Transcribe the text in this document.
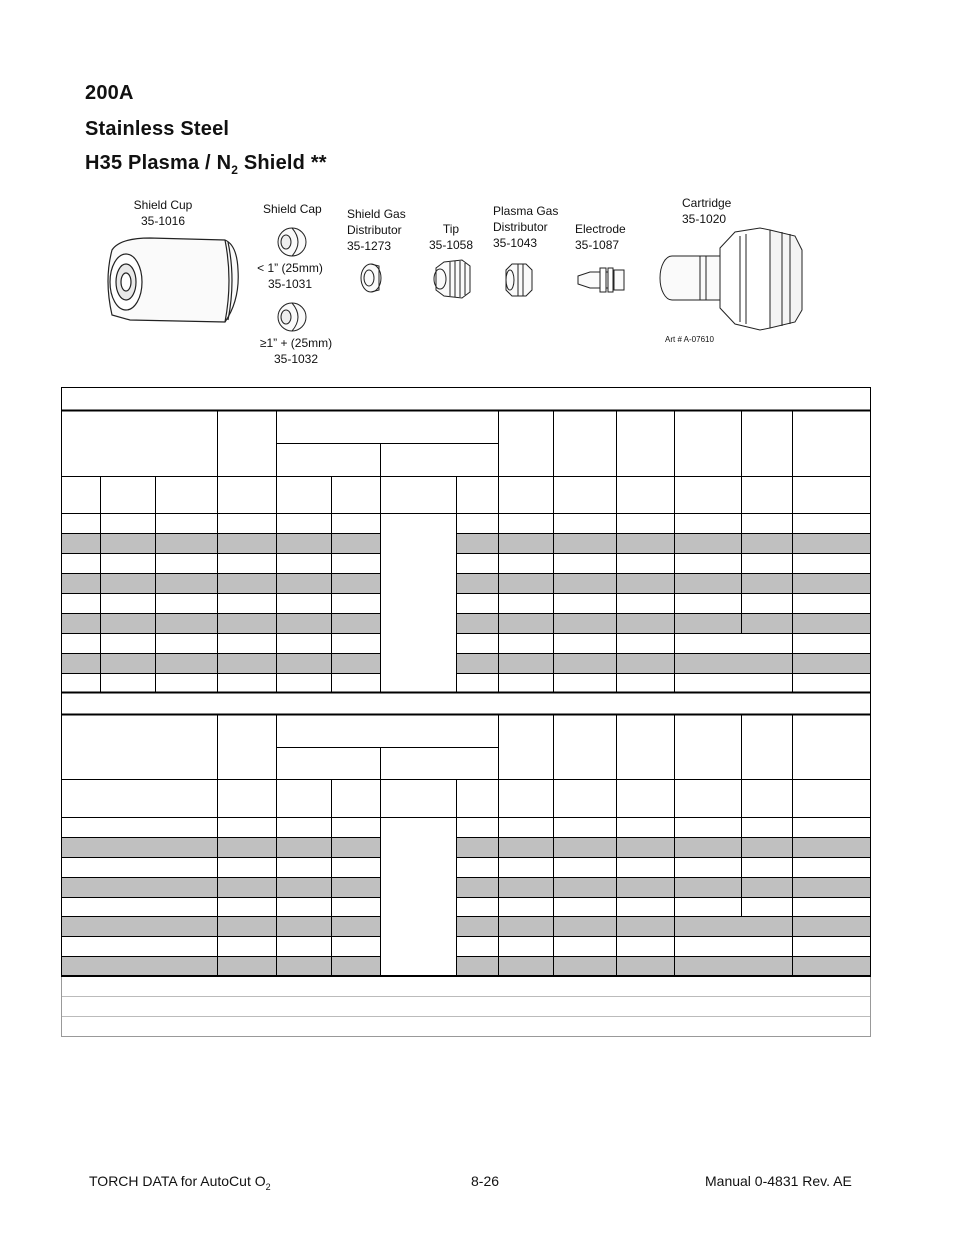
200A
Stainless Steel
H35 Plasma / $N_2$ Shield **
Shield Cup
35-1016
Shield Cap
< 1” (25mm)
35-1031
≥1” + (25mm)
35-1032
Shield Gas
Distributor
35-1273
Tip
35-1058
Plasma Gas
Distributor
35-1043
Electrode
35-1087
Cartridge
35-1020
Art # A-07610
TORCH DATA for AutoCut $O_2$	8-26	Manual 0-4831 Rev. AE
